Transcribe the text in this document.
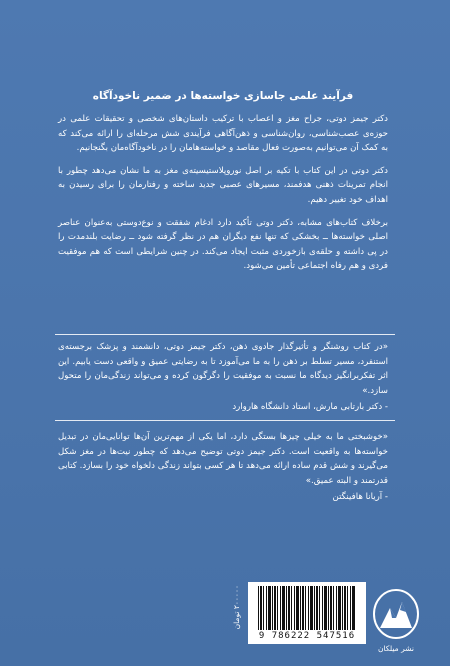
فرآیند علمی جاسازی خواسته‌ها در ضمیر ناخودآگاه
دکتر جیمز دوتی، جراح مغز و اعصاب با ترکیب داستان‌های شخصی و تحقیقات علمی در حوزه‌ی عصب‌شناسی، روان‌شناسی و ذهن‌آگاهی فرآیندی شش مرحله‌ای را ارائه می‌کند که به کمک آن می‌توانیم به‌صورت فعال مقاصد و خواسته‌هامان را در ناخودآگاه‌مان بگنجانیم.
دکتر دوتی در این کتاب با تکیه بر اصل نوروپلاستیسیته‌ی مغز به ما نشان می‌دهد چطور با انجام تمرینات ذهنی هدفمند، مسیرهای عصبی جدید ساخته و رفتارمان را برای رسیدن به اهداف خود تغییر دهیم.
برخلاف کتاب‌های مشابه، دکتر دوتی تأکید دارد ادغام شفقت و نوع‌دوستی به‌عنوان عناصر اصلی خواسته‌ها ــ بخشکی که تنها نفع دیگران هم در نظر گرفته شود ــ رضایت بلندمدت را در پی داشته و حلقه‌ی بازخوردی مثبت ایجاد می‌کند. در چنین شرایطی است که هم موفقیت فردی و هم رفاه اجتماعی تأمین می‌شود.
«در کتاب روشنگر و تأثیرگذار جادوی ذهن، دکتر جیمز دوتی، دانشمند و پزشک برجسته‌ی استنفرد، مسیر تسلط بر ذهن را به ما می‌آموزد تا به رضایتی عمیق و واقعی دست یابیم. این اثر تفکربرانگیز دیدگاه ما نسبت به موفقیت را دگرگون کرده و می‌تواند زندگی‌مان را متحول سازد.»
- دکتر بارتابی مارش، استاد دانشگاه هاروارد
«خوشبختی ما به خیلی چیزها بستگی دارد، اما یکی از مهم‌ترین آن‌ها توانایی‌مان در تبدیل خواسته‌ها به واقعیت است. دکتر جیمز دوتی توضیح می‌دهد که چطور نیت‌ها در مغز شکل می‌گیرند و شش قدم ساده ارائه می‌دهد تا هر کسی بتواند زندگی دلخواه خود را بسازد. کتابی قدرتمند و البته عمیق.»
- آریانا هافینگتن
۲۰۰۰۰۰ تومان
9 786222 547516
نشر میلکان
